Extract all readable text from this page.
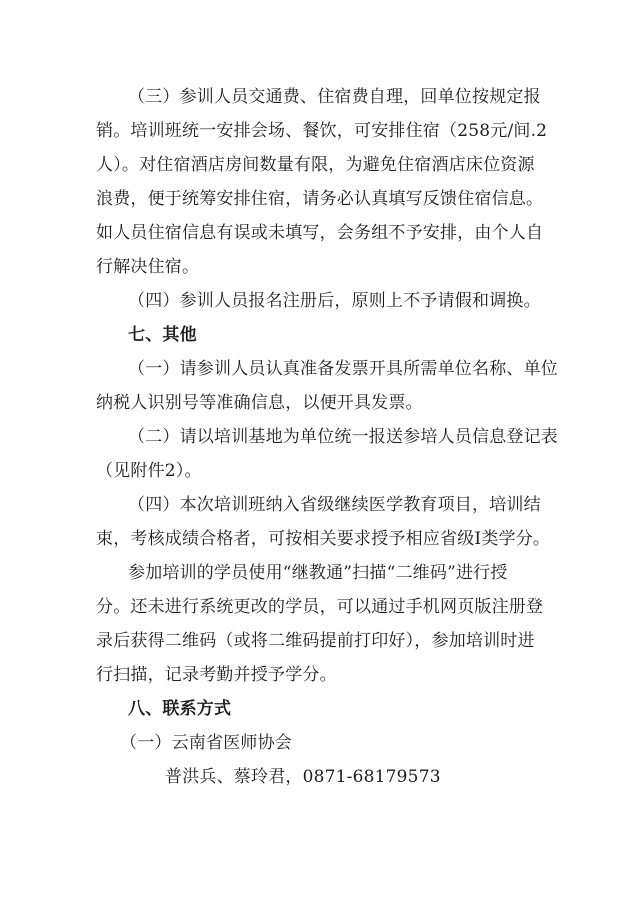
（三）参训人员交通费、住宿费自理，回单位按规定报
销。培训班统一安排会场、餐饮，可安排住宿（258元/间.2
人）。对住宿酒店房间数量有限，为避免住宿酒店床位资源
浪费，便于统筹安排住宿，请务必认真填写反馈住宿信息。
如人员住宿信息有误或未填写，会务组不予安排，由个人自
行解决住宿。
（四）参训人员报名注册后，原则上不予请假和调换。
七、其他
（一）请参训人员认真准备发票开具所需单位名称、单位
纳税人识别号等准确信息，以便开具发票。
（二）请以培训基地为单位统一报送参培人员信息登记表
（见附件2）。
（四）本次培训班纳入省级继续医学教育项目，培训结
束，考核成绩合格者，可按相关要求授予相应省级Ⅰ类学分。
参加培训的学员使用“继教通”扫描“二维码”进行授
分。还未进行系统更改的学员，可以通过手机网页版注册登
录后获得二维码（或将二维码提前打印好），参加培训时进
行扫描，记录考勤并授予学分。
八、联系方式
（一）云南省医师协会
普洪兵、蔡玲君，0871-68179573
